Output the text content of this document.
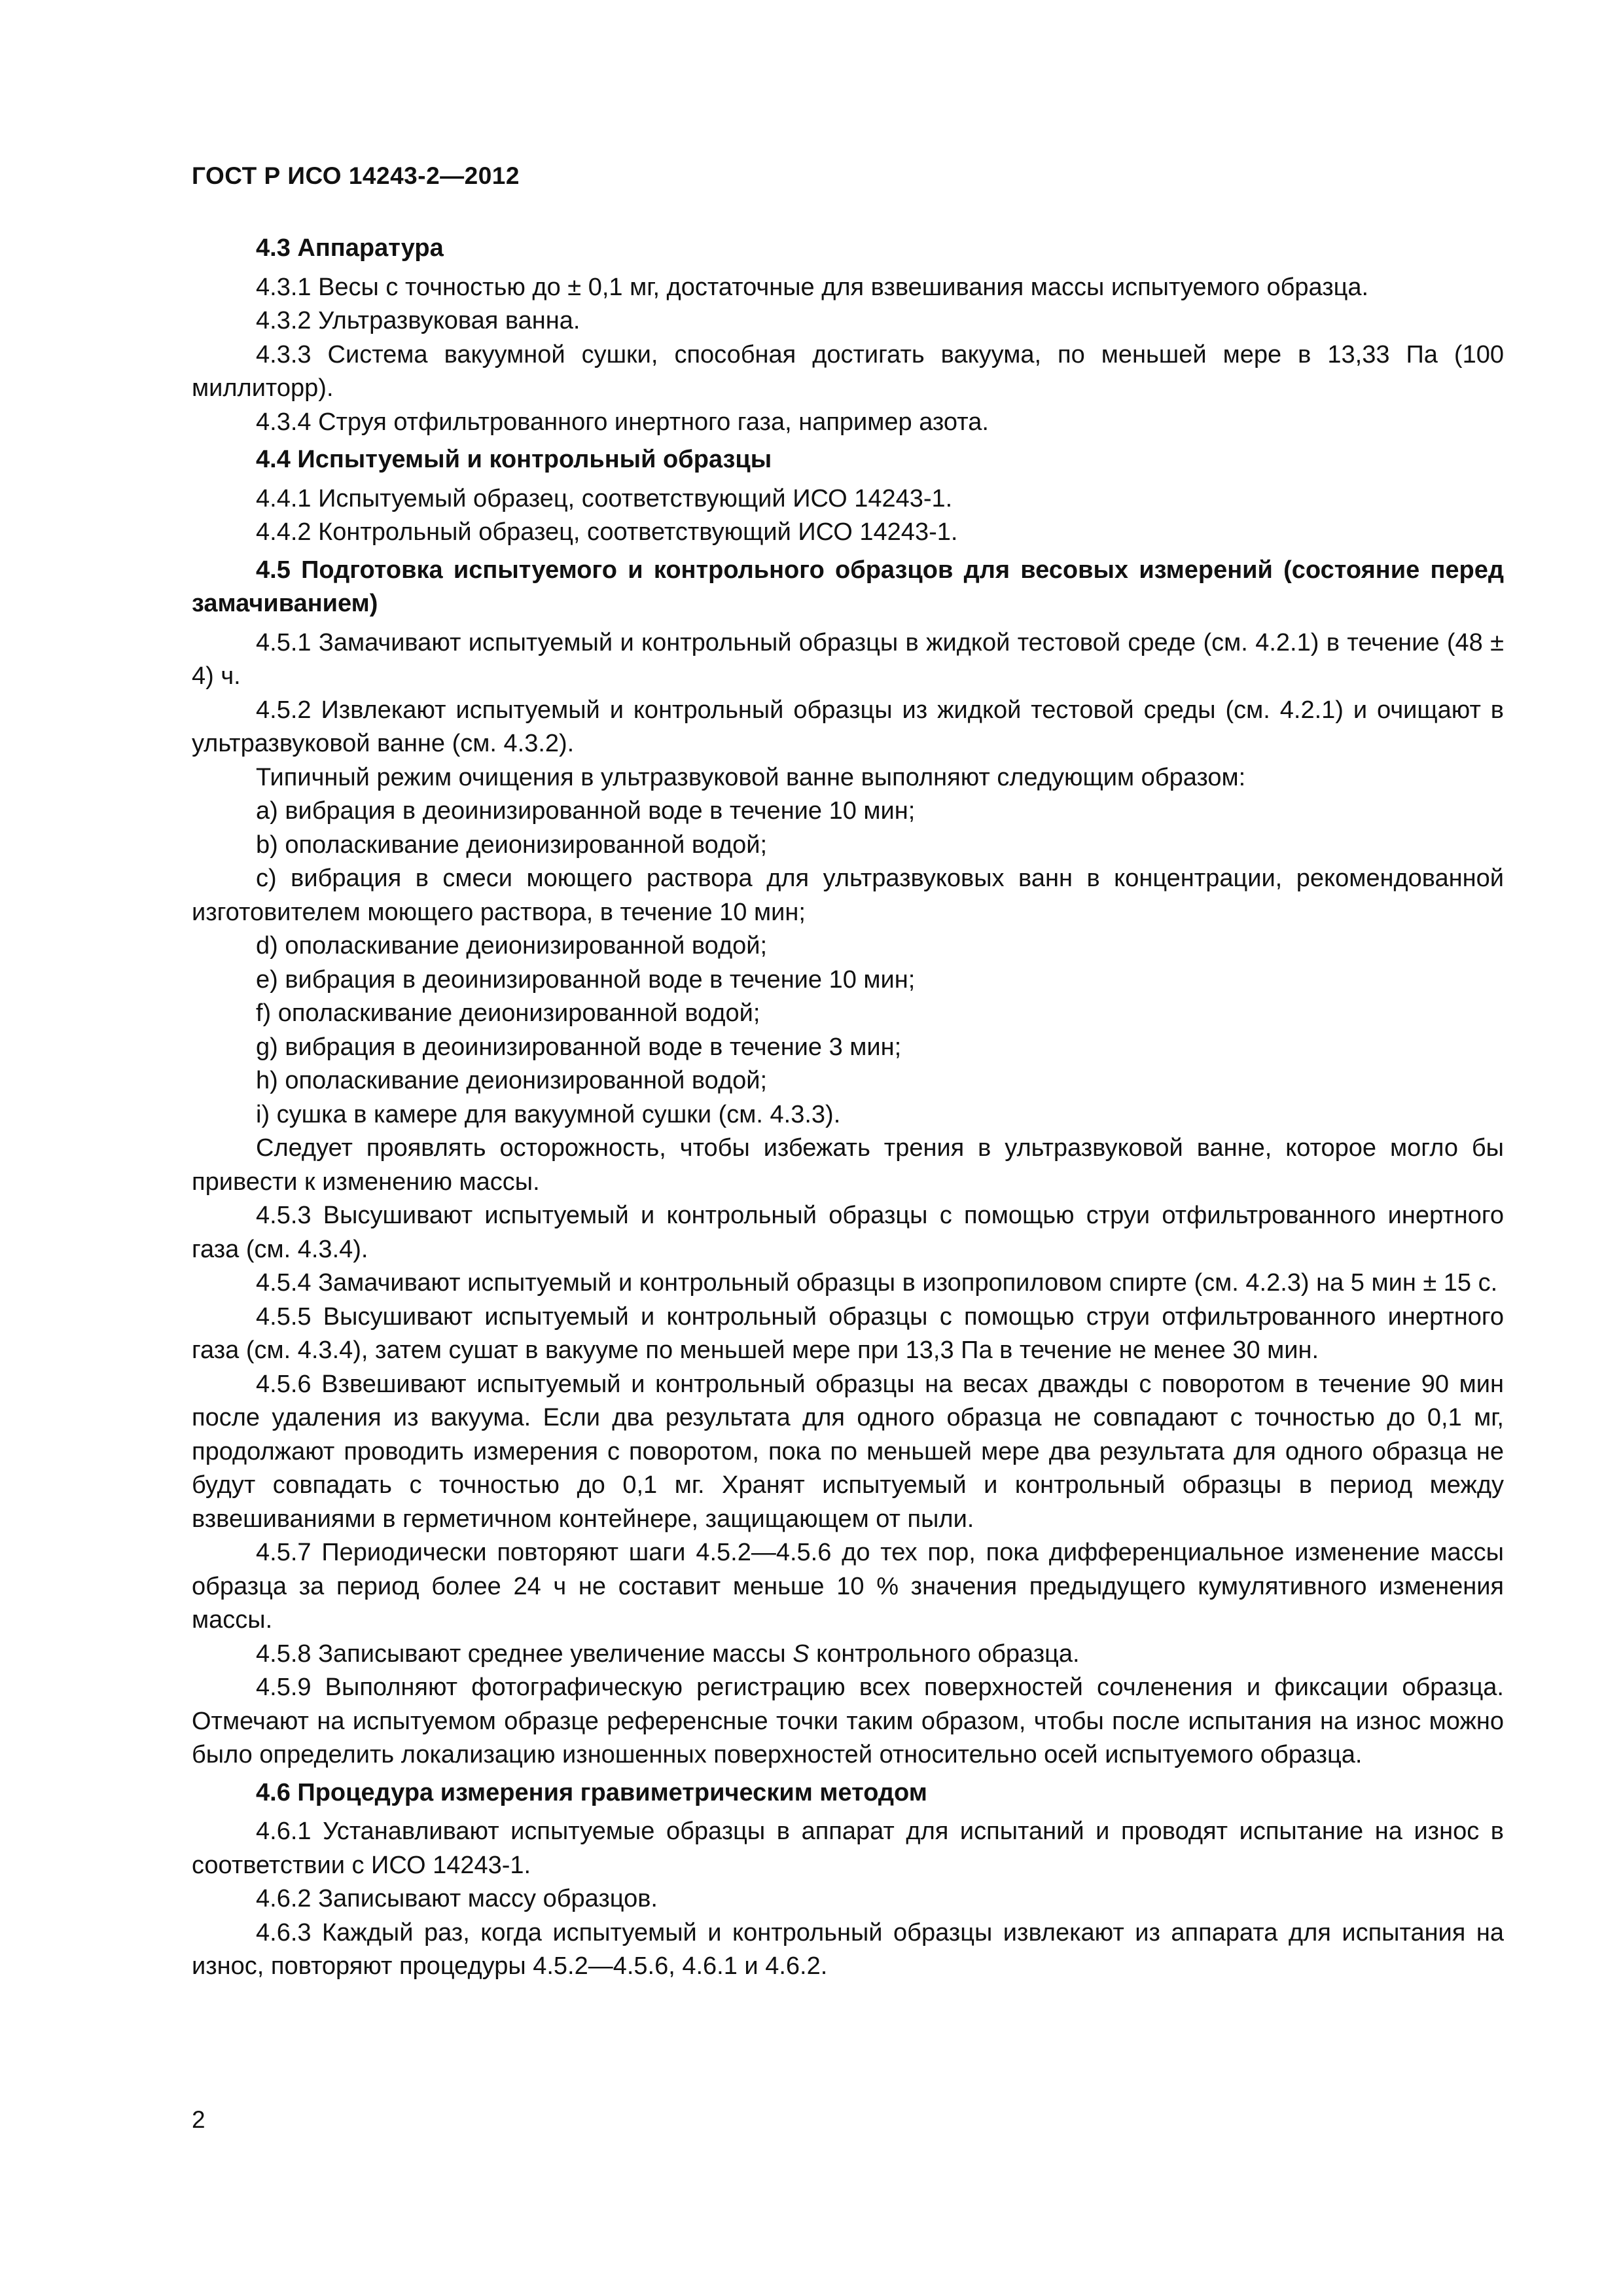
ГОСТ Р ИСО 14243-2—2012
4.3 Аппаратура

4.3.1 Весы с точностью до ± 0,1 мг, достаточные для взвешивания массы испытуемого образца.

4.3.2 Ультразвуковая ванна.

4.3.3 Система вакуумной сушки, способная достигать вакуума, по меньшей мере в 13,33 Па (100 миллиторр).

4.3.4 Струя отфильтрованного инертного газа, например азота.

4.4 Испытуемый и контрольный образцы

4.4.1 Испытуемый образец, соответствующий ИСО 14243-1.

4.4.2 Контрольный образец, соответствующий ИСО 14243-1.

4.5 Подготовка испытуемого и контрольного образцов для весовых измерений (состояние перед замачиванием)

4.5.1 Замачивают испытуемый и контрольный образцы в жидкой тестовой среде (см. 4.2.1) в течение (48 ± 4) ч.

4.5.2 Извлекают испытуемый и контрольный образцы из жидкой тестовой среды (см. 4.2.1) и очищают в ультразвуковой ванне (см. 4.3.2).

Типичный режим очищения в ультразвуковой ванне выполняют следующим образом:

a) вибрация в деоинизированной воде в течение 10 мин;

b) ополаскивание деионизированной водой;

c) вибрация в смеси моющего раствора для ультразвуковых ванн в концентрации, рекомендованной изготовителем моющего раствора, в течение 10 мин;

d) ополаскивание деионизированной водой;

e) вибрация в деоинизированной воде в течение 10 мин;

f) ополаскивание деионизированной водой;

g) вибрация в деоинизированной воде в течение 3 мин;

h) ополаскивание деионизированной водой;

i) сушка в камере для вакуумной сушки (см. 4.3.3).

Следует проявлять осторожность, чтобы избежать трения в ультразвуковой ванне, которое могло бы привести к изменению массы.

4.5.3 Высушивают испытуемый и контрольный образцы с помощью струи отфильтрованного инертного газа (см. 4.3.4).

4.5.4 Замачивают испытуемый и контрольный образцы в изопропиловом спирте (см. 4.2.3) на 5 мин ± 15 с.

4.5.5 Высушивают испытуемый и контрольный образцы с помощью струи отфильтрованного инертного газа (см. 4.3.4), затем сушат в вакууме по меньшей мере при 13,3 Па в течение не менее 30 мин.

4.5.6 Взвешивают испытуемый и контрольный образцы на весах дважды с поворотом в течение 90 мин после удаления из вакуума. Если два результата для одного образца не совпадают с точностью до 0,1 мг, продолжают проводить измерения с поворотом, пока по меньшей мере два результата для одного образца не будут совпадать с точностью до 0,1 мг. Хранят испытуемый и контрольный образцы в период между взвешиваниями в герметичном контейнере, защищающем от пыли.

4.5.7 Периодически повторяют шаги 4.5.2—4.5.6 до тех пор, пока дифференциальное изменение массы образца за период более 24 ч не составит меньше 10 % значения предыдущего кумулятивного изменения массы.

4.5.8 Записывают среднее увеличение массы S контрольного образца.

4.5.9 Выполняют фотографическую регистрацию всех поверхностей сочленения и фиксации образца. Отмечают на испытуемом образце референсные точки таким образом, чтобы после испытания на износ можно было определить локализацию изношенных поверхностей относительно осей испытуемого образца.

4.6 Процедура измерения гравиметрическим методом

4.6.1 Устанавливают испытуемые образцы в аппарат для испытаний и проводят испытание на износ в соответствии с ИСО 14243-1.

4.6.2 Записывают массу образцов.

4.6.3 Каждый раз, когда испытуемый и контрольный образцы извлекают из аппарата для испытания на износ, повторяют процедуры 4.5.2—4.5.6, 4.6.1 и 4.6.2.

2
